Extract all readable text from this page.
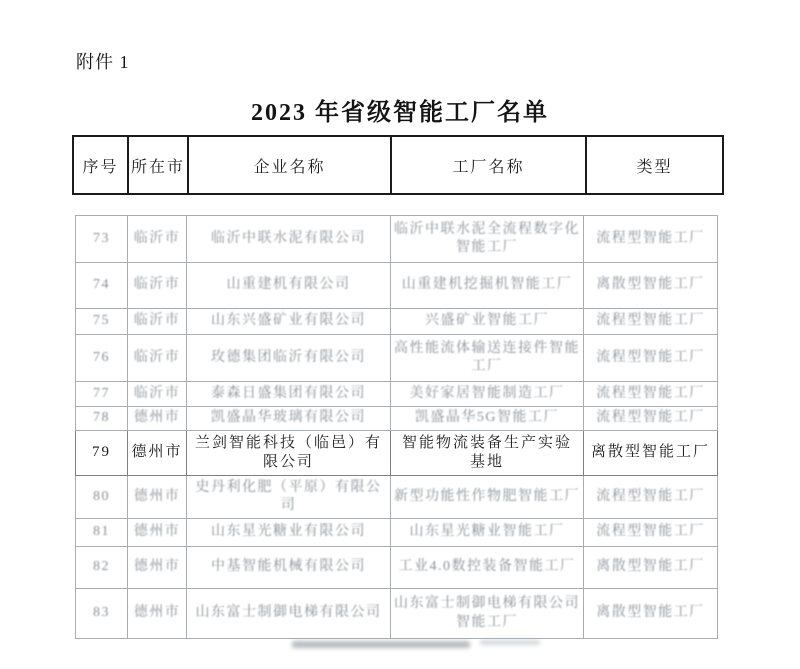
附件 1
2023 年省级智能工厂名单
序号	所在市	企业名称	工厂名称	类型
73	临沂市	临沂中联水泥有限公司	临沂中联水泥全流程数字化智能工厂	流程型智能工厂
74	临沂市	山重建机有限公司	山重建机挖掘机智能工厂	离散型智能工厂
75	临沂市	山东兴盛矿业有限公司	兴盛矿业智能工厂	流程型智能工厂
76	临沂市	玫德集团临沂有限公司	高性能流体输送连接件智能工厂	流程型智能工厂
77	临沂市	泰森日盛集团有限公司	美好家居智能制造工厂	流程型智能工厂
78	德州市	凯盛晶华玻璃有限公司	凯盛晶华5G智能工厂	流程型智能工厂
79	德州市	兰剑智能科技（临邑）有限公司	智能物流装备生产实验基地	离散型智能工厂
80	德州市	史丹利化肥（平原）有限公司	新型功能性作物肥智能工厂	流程型智能工厂
81	德州市	山东星光糖业有限公司	山东星光糖业智能工厂	流程型智能工厂
82	德州市	中基智能机械有限公司	工业4.0数控装备智能工厂	离散型智能工厂
83	德州市	山东富士制御电梯有限公司	山东富士制御电梯有限公司智能工厂	离散型智能工厂
